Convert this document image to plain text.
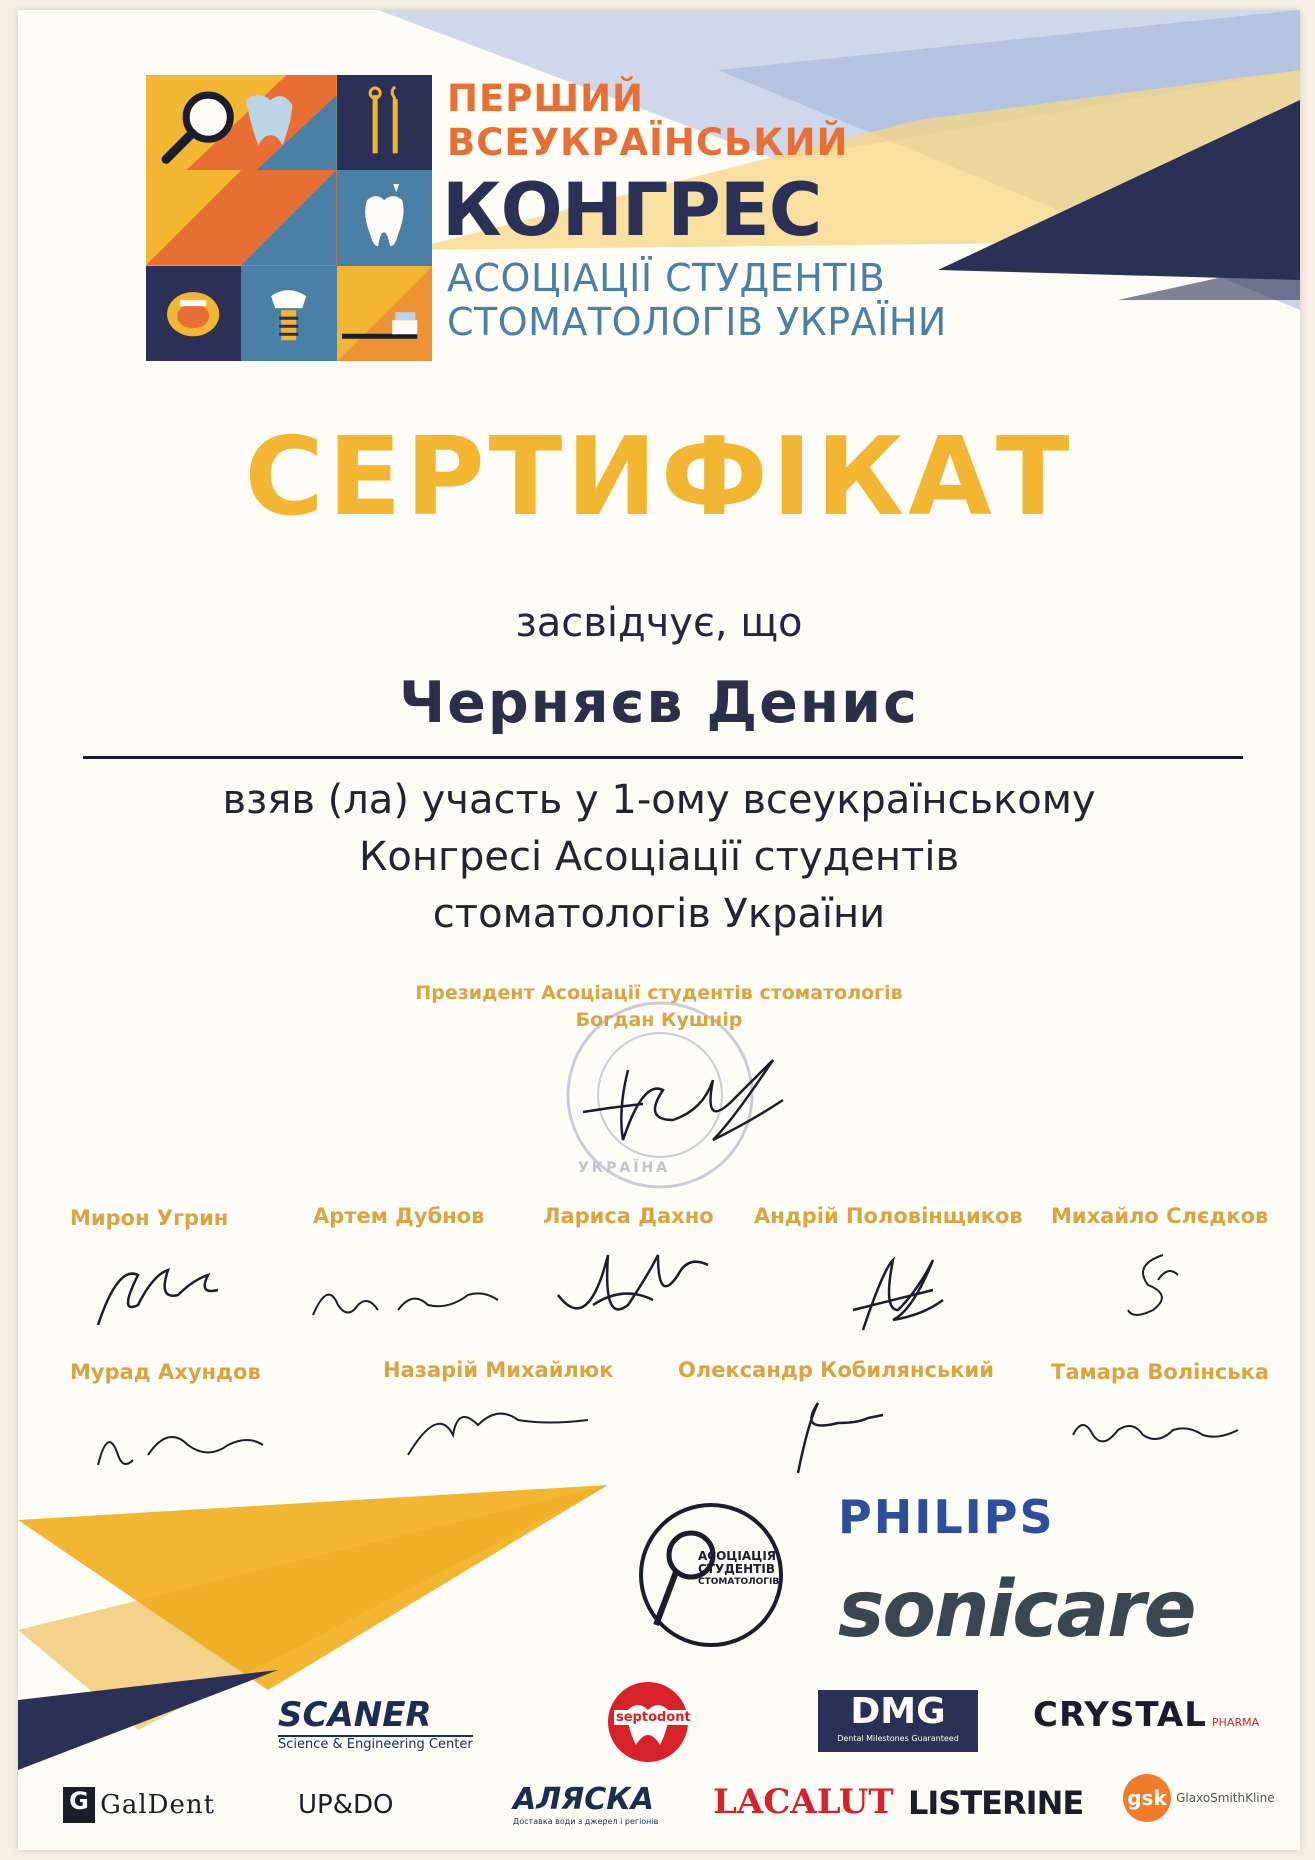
ПЕРШИЙ
ВСЕУКРАЇНСЬКИЙ
КОНГРЕС
АСОЦІАЦІЇ СТУДЕНТІВ
СТОМАТОЛОГІВ УКРАЇНИ
СЕРТИФІКАТ
засвідчує, що
Черняєв Денис
взяв (ла) участь у 1-ому всеукраїнському
Конгресі Асоціації студентів
стоматологів України
УКРАЇНА
Президент Асоціації студентів стоматологів
Богдан Кушнір
Мирон Угрин	Артем Дубнов	Лариса Дахно Андрій Половінщиков Михайло Слєдков
Мурад Ахундов	Назарій Михайлюк	Олександр Кобилянський	Тамара Волінська
АСОЦІАЦІЯ
СТУДЕНТІВ
СТОМАТОЛОГІВ
PHILIPS
sonicare
SCANER
Science & Engineering Center
septodont	DMG
Dental Milestones Guaranteed
CRYSTAL PHARMA
G GalDent	UP&DO	АЛЯСКА
Доставка води з джерел і регіонів LACALUT LISTERINE gsk GlaxoSmithKline
